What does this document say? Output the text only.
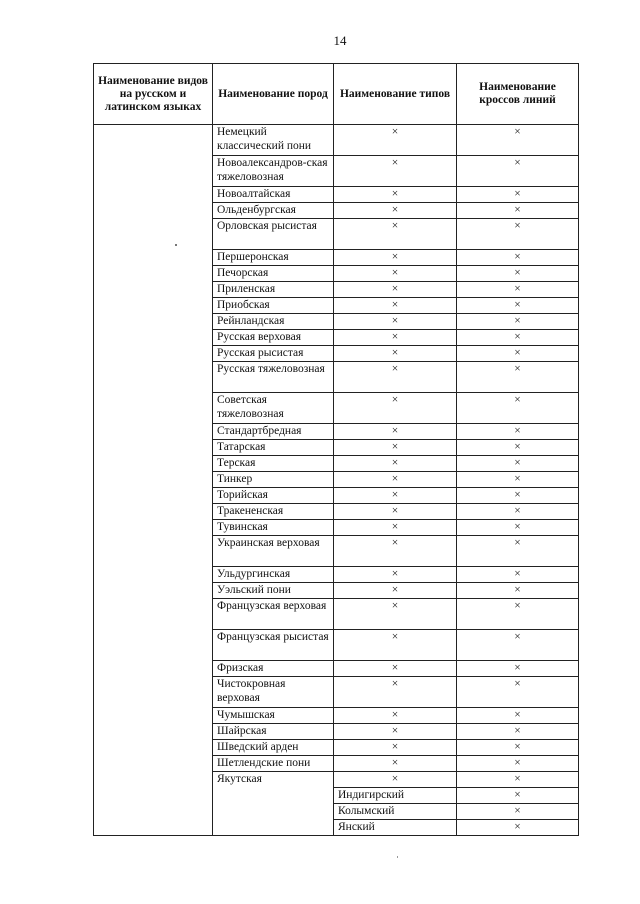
14
Наименование видов на русском и латинском языках	Наименование пород	Наименование типов	Наименование кроссов линий
	Немецкий классический пони	×	×
	Новоалександров-ская тяжеловозная	×	×
	Новоалтайская	×	×
	Ольденбургская	×	×
	Орловская рысистая	×	×
	Першеронская	×	×
	Печорская	×	×
	Приленская	×	×
	Приобская	×	×
	Рейнландская	×	×
	Русская верховая	×	×
	Русская рысистая	×	×
	Русская тяжеловозная	×	×
	Советская тяжеловозная	×	×
	Стандартбредная	×	×
	Татарская	×	×
	Терская	×	×
	Тинкер	×	×
	Торийская	×	×
	Тракененская	×	×
	Тувинская	×	×
	Украинская верховая	×	×
	Ульдургинская	×	×
	Уэльский пони	×	×
	Французская верховая	×	×
	Французская рысистая	×	×
	Фризская	×	×
	Чистокровная верховая	×	×
	Чумышская	×	×
	Шайрская	×	×
	Шведский арден	×	×
	Шетлендские пони	×	×
	Якутская	×	×
		Индигирский	×
		Колымский	×
		Янский	×
